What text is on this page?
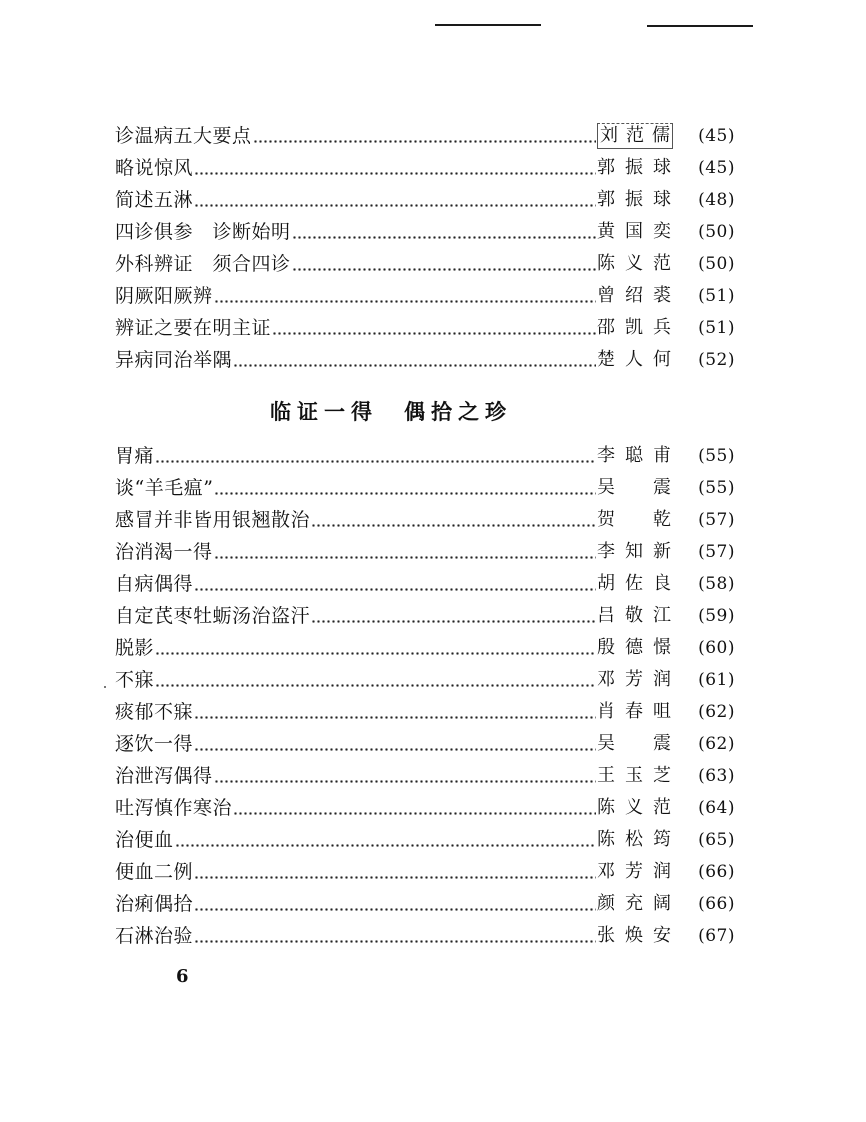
诊温病五大要点	刘范儒	(45)
略说惊风	郭振球	(45)
简述五淋	郭振球	(48)
四诊俱参　诊断始明	黄国奕	(50)
外科辨证　须合四诊	陈义范	(50)
阴厥阳厥辨	曾绍裘	(51)
辨证之要在明主证	邵凯兵	(51)
异病同治举隅	楚人何	(52)
临证一得 偶拾之珍
胃痛	李聪甫	(55)
谈“羊毛瘟”	吴　震	(55)
感冒并非皆用银翘散治	贺　乾	(57)
治消渴一得	李知新	(57)
自病偶得	胡佐良	(58)
自定芪枣牡蛎汤治盗汗	吕敬江	(59)
脱影	殷德憬	(60)
不寐	邓芳润	(61)
痰郁不寐	肖春咀	(62)
逐饮一得	吴　震	(62)
治泄泻偶得	王玉芝	(63)
吐泻慎作寒治	陈义范	(64)
治便血	陈松筠	(65)
便血二例	邓芳润	(66)
治痢偶拾	颜充阔	(66)
石淋治验	张焕安	(67)
6
